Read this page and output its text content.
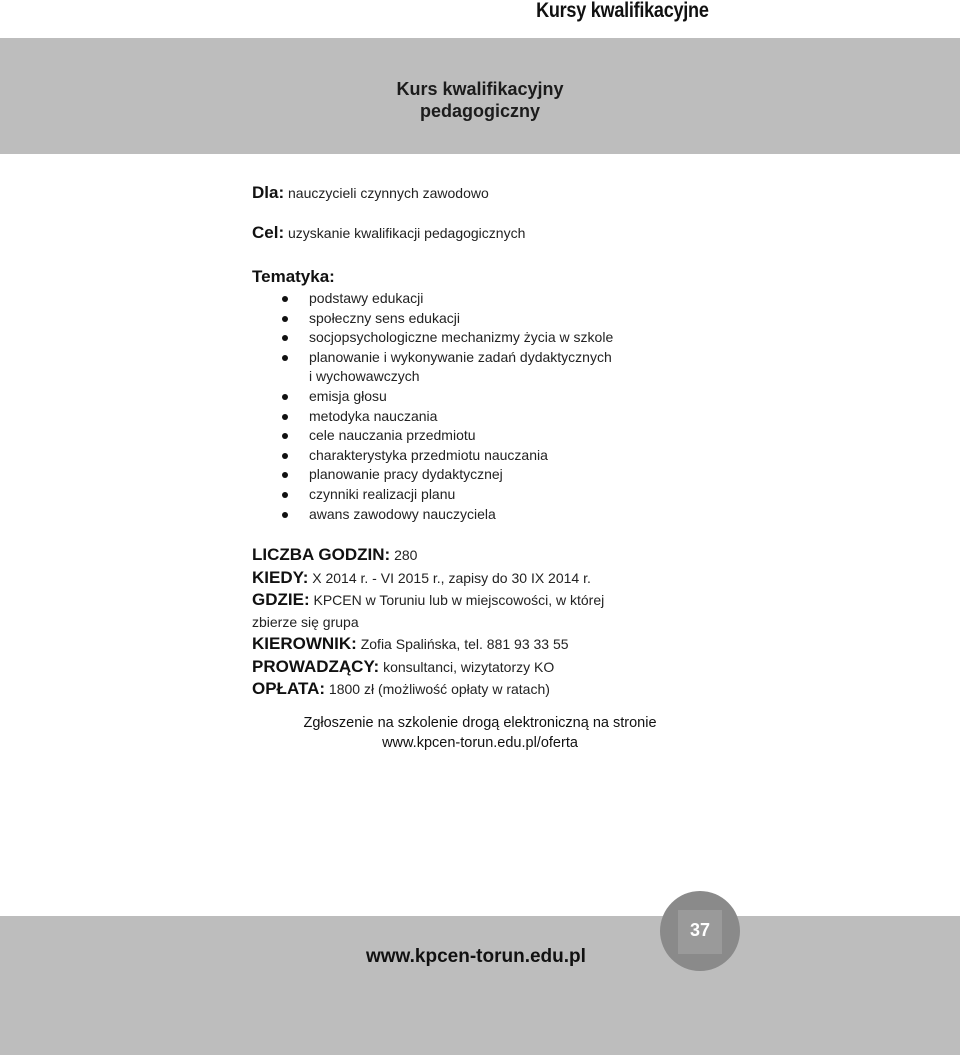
Kursy kwalifikacyjne
Kurs kwalifikacyjny
pedagogiczny
Dla: nauczycieli czynnych zawodowo
Cel: uzyskanie kwalifikacji pedagogicznych
Tematyka:
podstawy edukacji
społeczny sens edukacji
socjopsychologiczne mechanizmy życia w szkole
planowanie i wykonywanie zadań dydaktycznych
i wychowawczych
emisja głosu
metodyka nauczania
cele nauczania przedmiotu
charakterystyka przedmiotu nauczania
planowanie pracy dydaktycznej
czynniki realizacji planu
awans zawodowy nauczyciela
LICZBA GODZIN: 280
KIEDY: X 2014 r. - VI 2015 r., zapisy do 30 IX 2014 r.
GDZIE: KPCEN w Toruniu lub w miejscowości, w której
zbierze się grupa
KIEROWNIK: Zofia Spalińska, tel. 881 93 33 55
PROWADZĄCY: konsultanci, wizytatorzy KO
OPŁATA: 1800 zł (możliwość opłaty w ratach)
Zgłoszenie na szkolenie drogą elektroniczną na stronie
www.kpcen-torun.edu.pl/oferta
www.kpcen-torun.edu.pl
37
